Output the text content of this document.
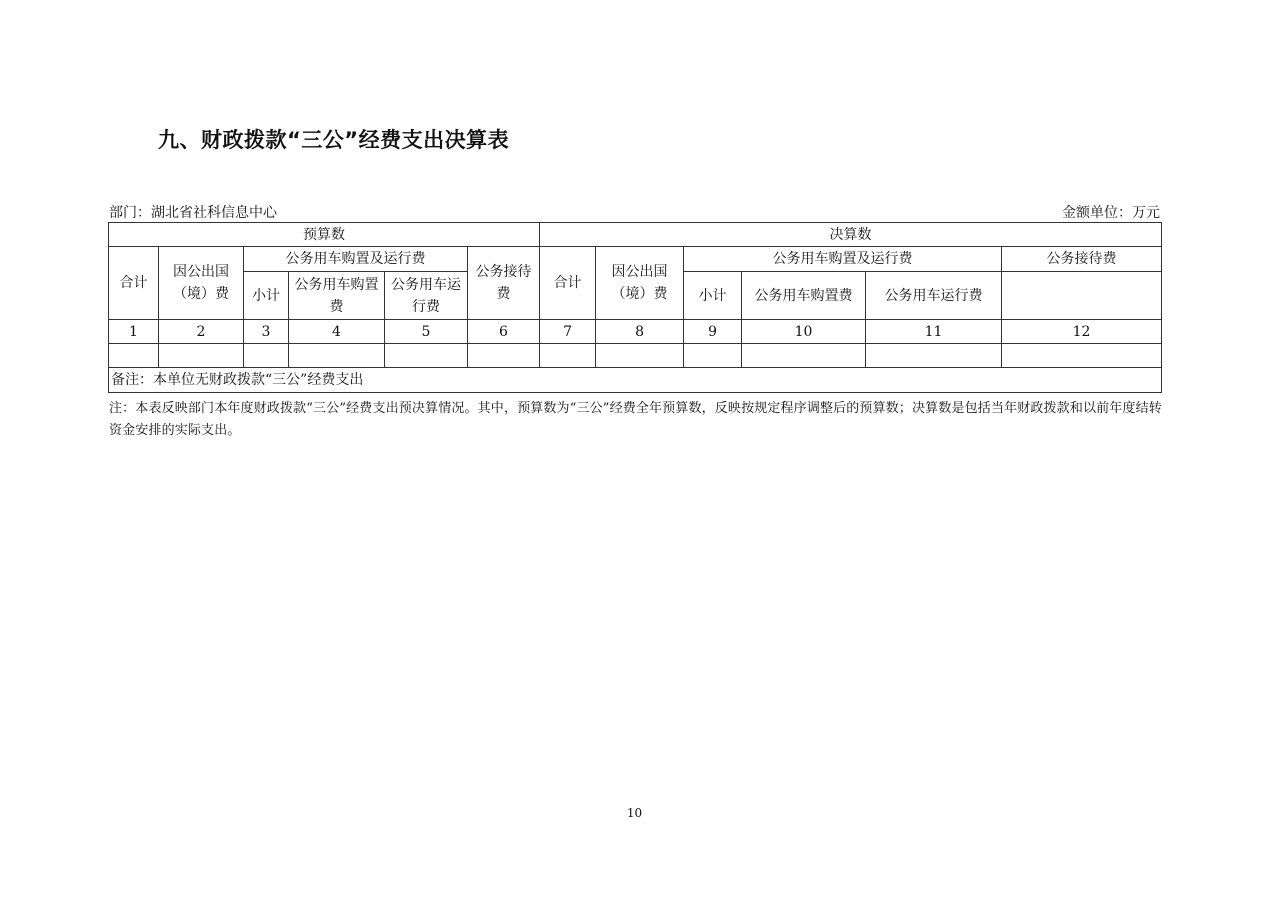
九、财政拨款“三公”经费支出决算表
部门：湖北省社科信息中心	金额单位：万元
预算数						决算数					
合计	因公出国（境）费	公务用车购置及运行费			公务接待费	合计	因公出国（境）费	公务用车购置及运行费			公务接待费
		小计	公务用车购置费	公务用车运行费				小计	公务用车购置费	公务用车运行费	
1	2	3	4	5	6	7	8	9	10	11	12

备注：本单位无财政拨款“三公”经费支出											
注：本表反映部门本年度财政拨款“三公”经费支出预决算情况。其中，预算数为“三公”经费全年预算数，反映按规定程序调整后的预算数；决算数是包括当年财政拨款和以前年度结转资金安排的实际支出。
10
